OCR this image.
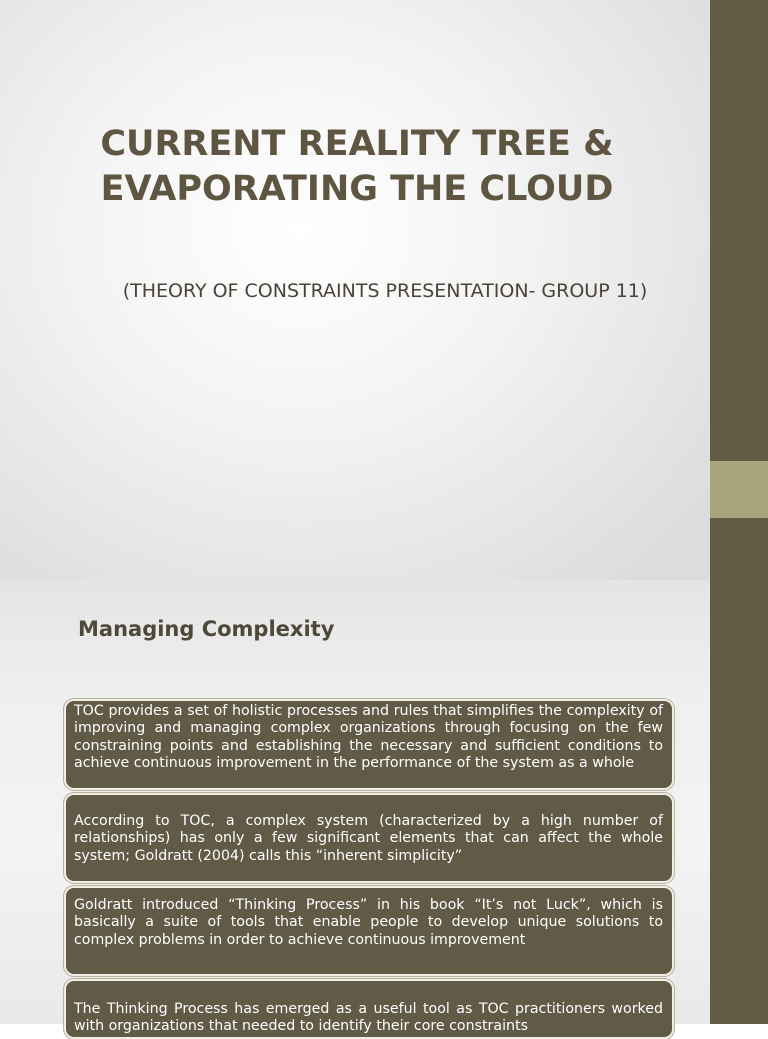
CURRENT REALITY TREE &
EVAPORATING THE CLOUD

(THEORY OF CONSTRAINTS PRESENTATION- GROUP 11)

Managing Complexity
TOC provides a set of holistic processes and rules that simplifies the complexity of improving and managing complex organizations through focusing on the few constraining points and establishing the necessary and sufficient conditions to achieve continuous improvement in the performance of the system as a whole
According to TOC, a complex system (characterized by a high number of relationships) has only a few significant elements that can affect the whole system; Goldratt (2004) calls this “inherent simplicity”
Goldratt introduced “Thinking Process” in his book “It’s not Luck”, which is basically a suite of tools that enable people to develop unique solutions to complex problems in order to achieve continuous improvement
The Thinking Process has emerged as a useful tool as TOC practitioners worked with organizations that needed to identify their core constraints
